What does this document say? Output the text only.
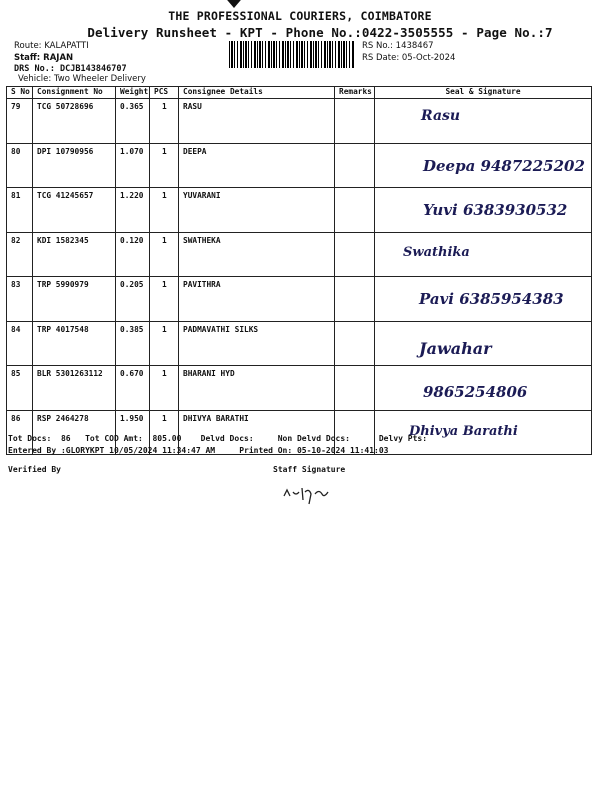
THE PROFESSIONAL COURIERS, COIMBATORE
Delivery Runsheet - KPT - Phone No.:0422-3505555 - Page No.:7
Route: KALAPATTI
Staff: RAJAN
DRS No.: DCJB143846707
Vehicle: Two Wheeler Delivery
RS No.: 1438467
RS Date: 05-Oct-2024
S No	Consignment No	Weight	PCS	Consignee Details	Remarks	Seal & Signature
79	TCG 50728696	0.365	1	RASU		Rasu

80	DPI 10790956	1.070	1	DEEPA		Deepa 9487225202

81	TCG 41245657	1.220	1	YUVARANI		Yuvi 6383930532

82	KDI 1582345	0.120	1	SWATHEKA		Swathika

83	TRP 5990979	0.205	1	PAVITHRA		Pavi 6385954383

84	TRP 4017548	0.385	1	PADMAVATHI SILKS		Jawahar

85	BLR 5301263112	0.670	1	BHARANI HYD		9865254806

86	RSP 2464278	1.950	1	DHIVYA BARATHI		Dhivya Barathi
Tot Docs:  86   Tot COD Amt:  805.00    Delvd Docs:     Non Delvd Docs:      Delvy Pts:
Entered By :GLORYKPT 10/05/2024 11:34:47 AM     Printed On: 05-10-2024 11:41:03
Verified By	Staff Signature
